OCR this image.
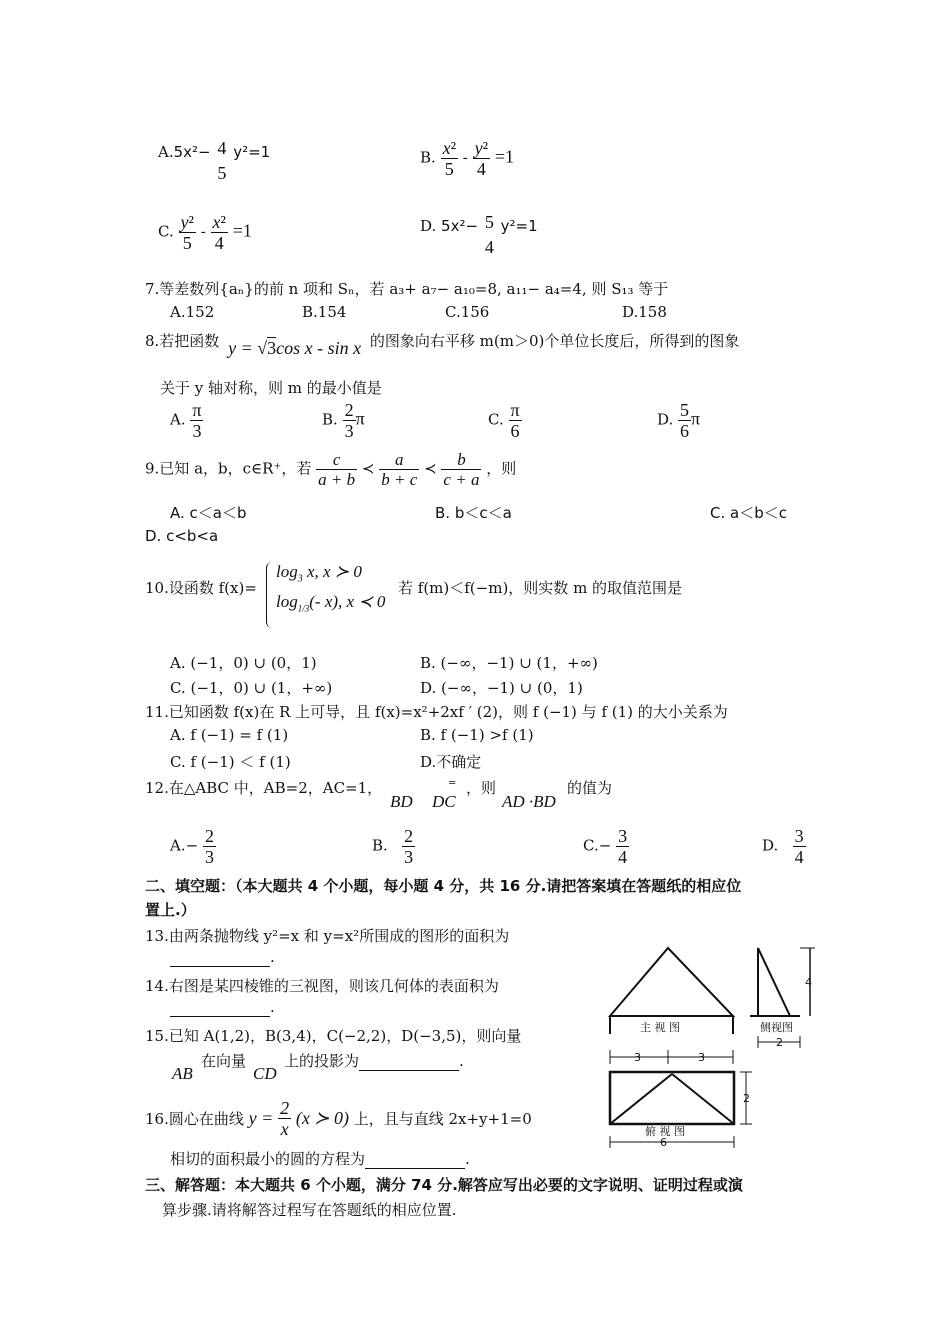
A.5x²− 4
5
y²=1	B. $\frac{\text{x²}}{5} - \frac{\text{y²}}{4} =1$
C. $\frac{\text{y²}}{5} - \frac{\text{x²}}{4} =1$	D. 5x²− 5
4
y²=1
7.等差数列{aₙ}的前 n 项和 Sₙ，若 a₃+ a₇− a₁₀=8, a₁₁− a₄=4, 则 S₁₃ 等于
A.152	B.154	C.156	D.158
8.若把函数 y = √3cos x - sin x 的图象向右平移 m(m＞0)个单位长度后，所得到的图象
关于 y 轴对称，则 m 的最小值是
A. $\frac{\pi}{3}$	B. $\frac{2}{3}$ π	C. $\frac{\pi}{6}$	D. $\frac{5}{6}$ π
9.已知 a，b，c∈R⁺，若 $\frac{c}{a + b}$ ≺ $\frac{a}{b + c}$ ≺ $\frac{b}{c + a}$ ，则
A. c＜a＜b	B. b＜c＜a	C. a＜b＜c
D. c<b<a
10.设函数 f(x)=
$\log_3 x$, x ≻ 0
$\log_{1/3}(-$ x), x ≺ 0
若 f(m)＜f(−m)，则实数 m 的取值范围是
A. (−1，0) ∪ (0，1)	B. (−∞，−1) ∪ (1，+∞)
C. (−1，0) ∪ (1，+∞)	D. (−∞，−1) ∪ (0，1)
11.已知函数 f(x)在 R 上可导，且 f(x)=x²+2xf ′ (2)，则 f (−1) 与 f (1) 的大小关系为
A. f (−1) = f (1)	B. f (−1) >f (1)
C. f (−1) ＜ f (1)	D.不确定
12.在△ABC 中，AB=2，AC=1，
BD
=
DC
，则
AD ·BD
的值为
$A.- \frac{2}{3}$	B. $\frac{2}{3}$	$C.- \frac{3}{4}$	D. $\frac{3}{4}$
二、填空题：（本大题共 4 个小题，每小题 4 分，共 16 分.请把答案填在答题纸的相应位
置上.）
13.由两条抛物线 y²=x 和 y=x²所围成的图形的面积为
.
14.右图是某四棱锥的三视图，则该几何体的表面积为
.
15.已知 A(1,2)，B(3,4)，C(−2,2)，D(−3,5)，则向量
AB
在向量
CD
上的投影为	.
16.圆心在曲线 $y = \frac{2}{x} (x$ ≻ 0) 上，且与直线 2x+y+1=0
相切的面积最小的圆的方程为	.
三、解答题：本大题共 6 个小题，满分 74 分.解答应写出必要的文字说明、证明过程或演
算步骤.请将解答过程写在答题纸的相应位置.
主 视 图	侧视图
4
3	3
2
2
俯 视 图
6
